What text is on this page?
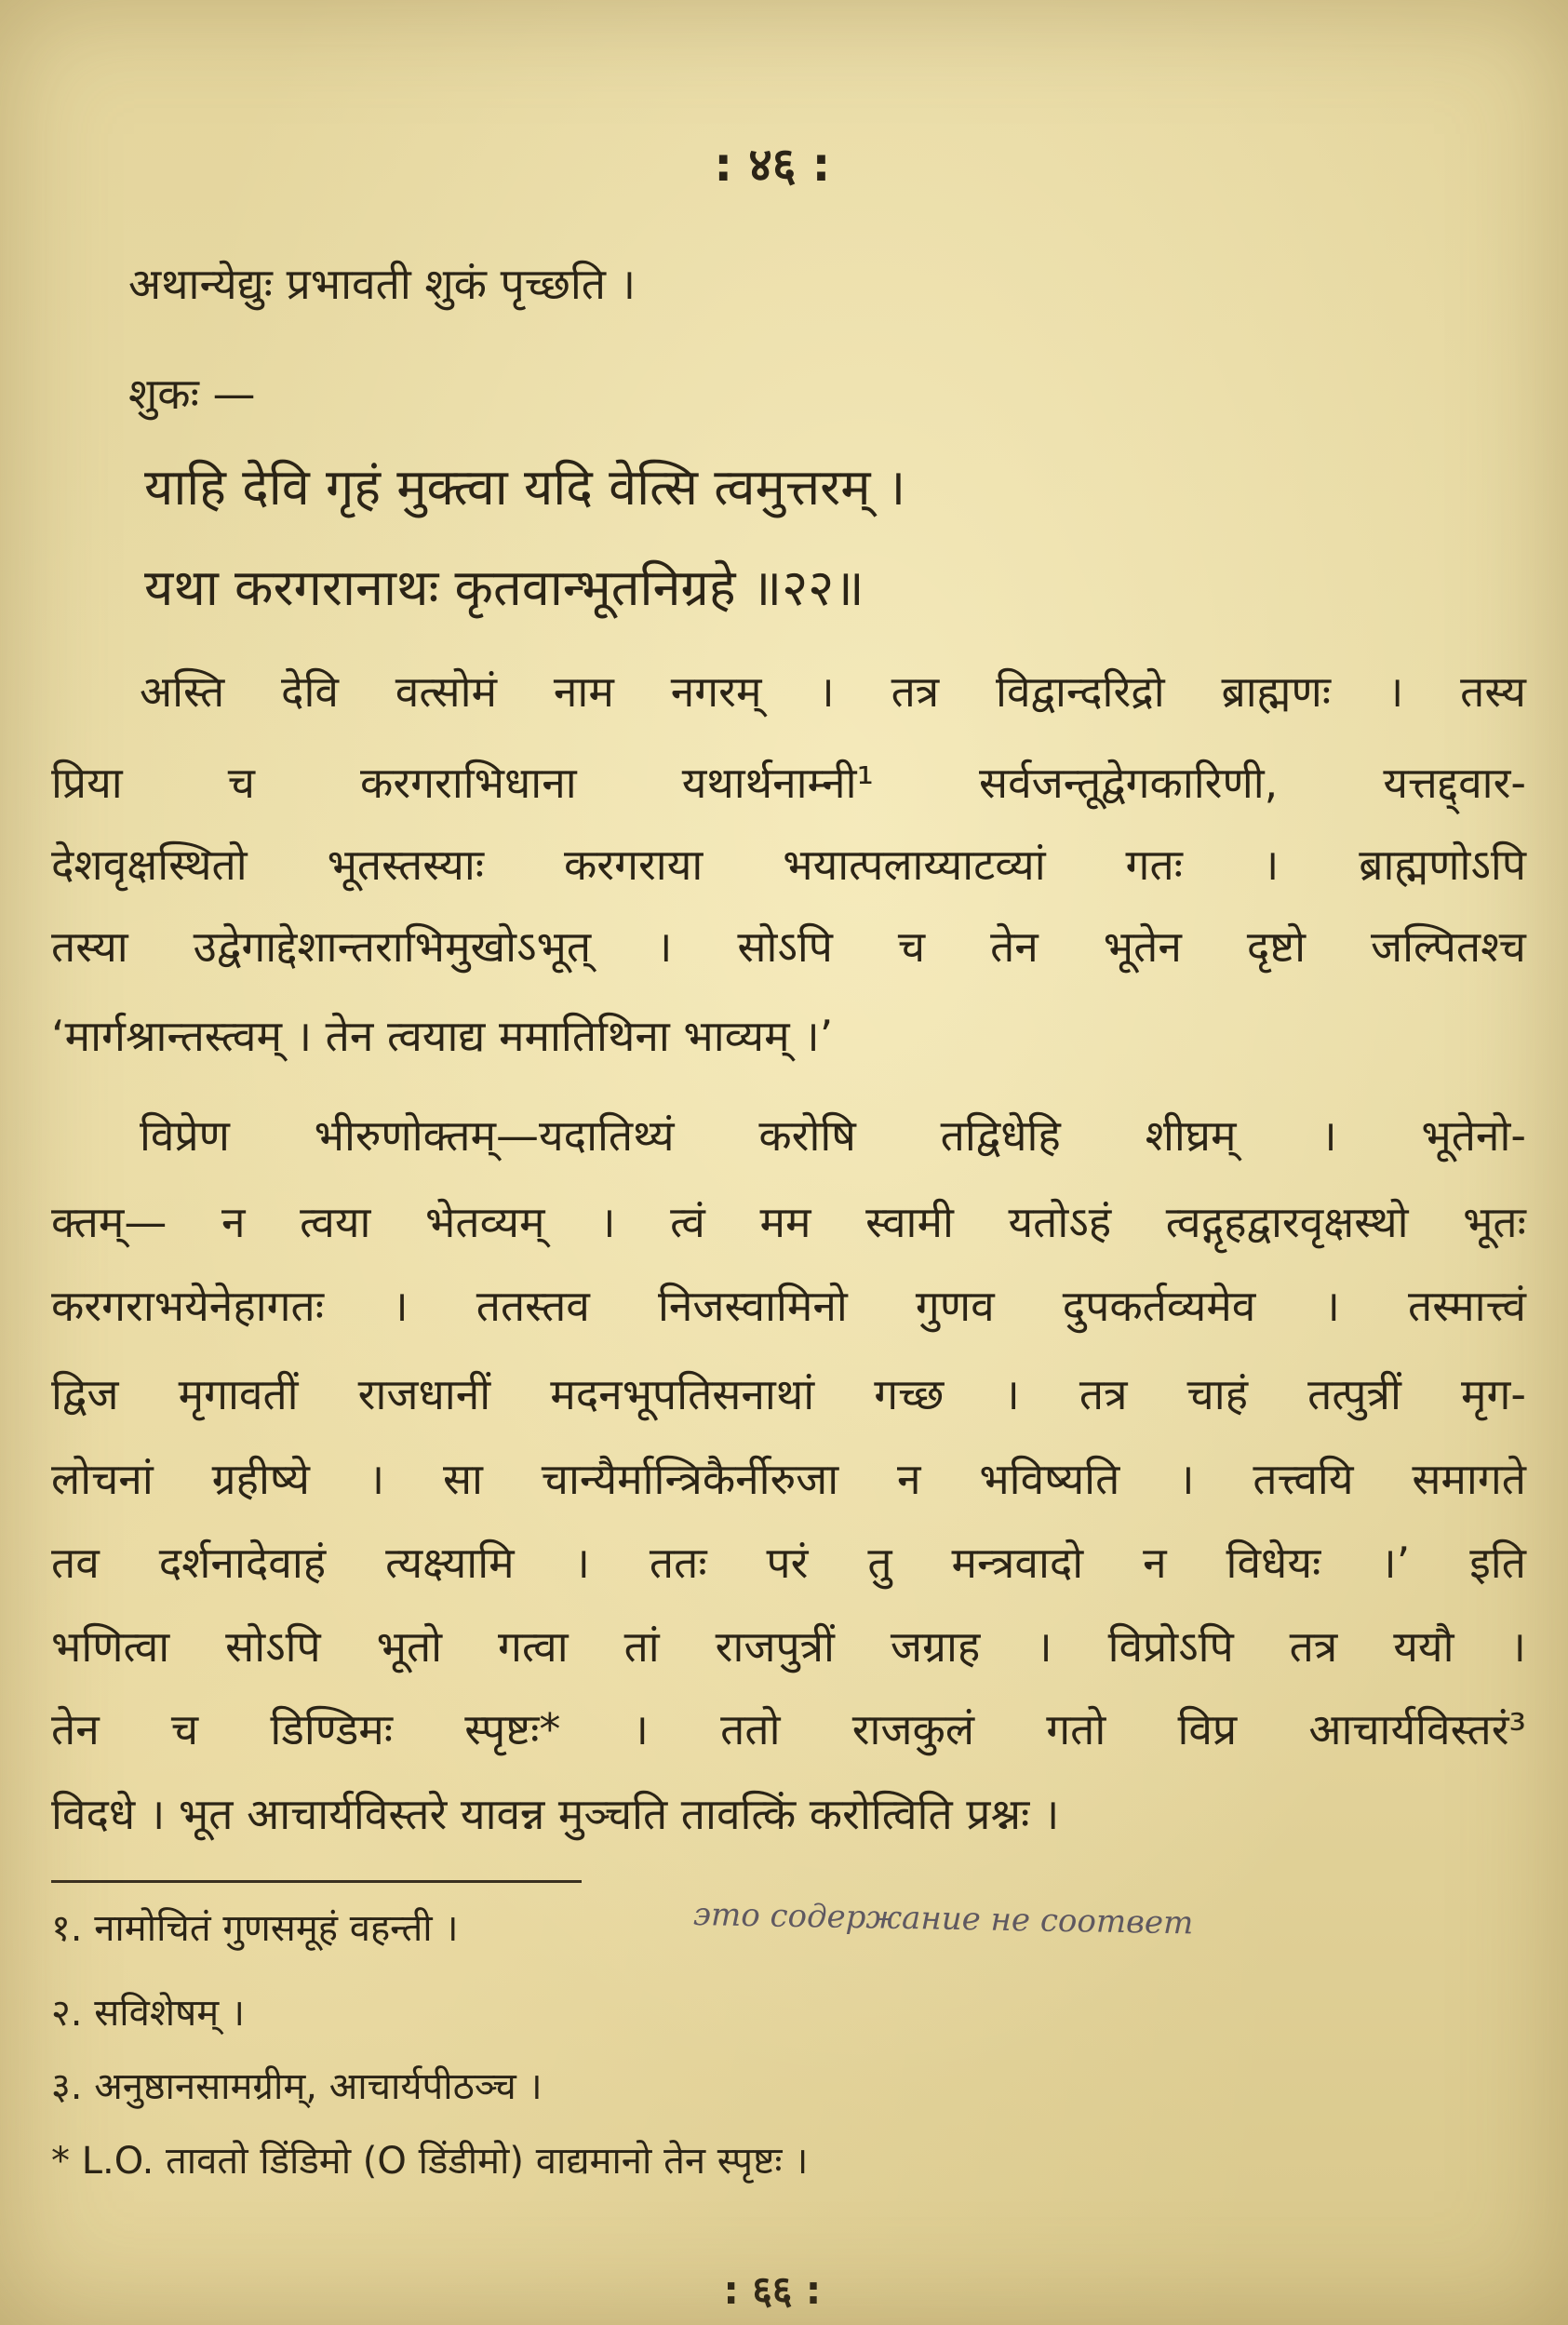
: ४६ :
अथान्येद्युः प्रभावती शुकं पृच्छति ।
शुकः —
याहि देवि गृहं मुक्त्वा यदि वेत्सि त्वमुत्तरम् ।
यथा करगरानाथः कृतवान्भूतनिग्रहे ॥२२॥
अस्ति देवि वत्सोमं नाम नगरम् । तत्र विद्वान्दरिद्रो ब्राह्मणः । तस्य
प्रिया च करगराभिधाना यथार्थनाम्नी¹ सर्वजन्तूद्वेगकारिणी, यत्तद्द्वार-
देशवृक्षस्थितो भूतस्तस्याः करगराया भयात्पलाय्याटव्यां गतः । ब्राह्मणोऽपि
तस्या उद्वेगाद्देशान्तराभिमुखोऽभूत् । सोऽपि च तेन भूतेन दृष्टो जल्पितश्च
‘मार्गश्रान्तस्त्वम् । तेन त्वयाद्य ममातिथिना भाव्यम् ।’
विप्रेण भीरुणोक्तम्—यदातिथ्यं करोषि तद्विधेहि शीघ्रम् । भूतेनो-
क्तम्— न त्वया भेतव्यम् । त्वं मम स्वामी यतोऽहं त्वद्गृहद्वारवृक्षस्थो भूतः
करगराभयेनेहागतः । ततस्तव निजस्वामिनो गुणव दुपकर्तव्यमेव । तस्मात्त्वं
द्विज मृगावतीं राजधानीं मदनभूपतिसनाथां गच्छ । तत्र चाहं तत्पुत्रीं मृग-
लोचनां ग्रहीष्ये । सा चान्यैर्मान्त्रिकैर्नीरुजा न भविष्यति । तत्त्वयि समागते
तव दर्शनादेवाहं त्यक्ष्यामि । ततः परं तु मन्त्रवादो न विधेयः ।’ इति
भणित्वा सोऽपि भूतो गत्वा तां राजपुत्रीं जग्राह । विप्रोऽपि तत्र ययौ ।
तेन च डिण्डिमः स्पृष्टः* । ततो राजकुलं गतो विप्र आचार्यविस्तरं³
विदधे । भूत आचार्यविस्तरे यावन्न मुञ्चति तावत्किं करोत्विति प्रश्नः ।
१. नामोचितं गुणसमूहं वहन्ती ।	это содержание не соответ
२. सविशेषम् ।
३. अनुष्ठानसामग्रीम्, आचार्यपीठञ्च ।
* L.O. तावतो डिंडिमो (O डिंडीमो) वाद्यमानो तेन स्पृष्टः ।
: ६६ :
